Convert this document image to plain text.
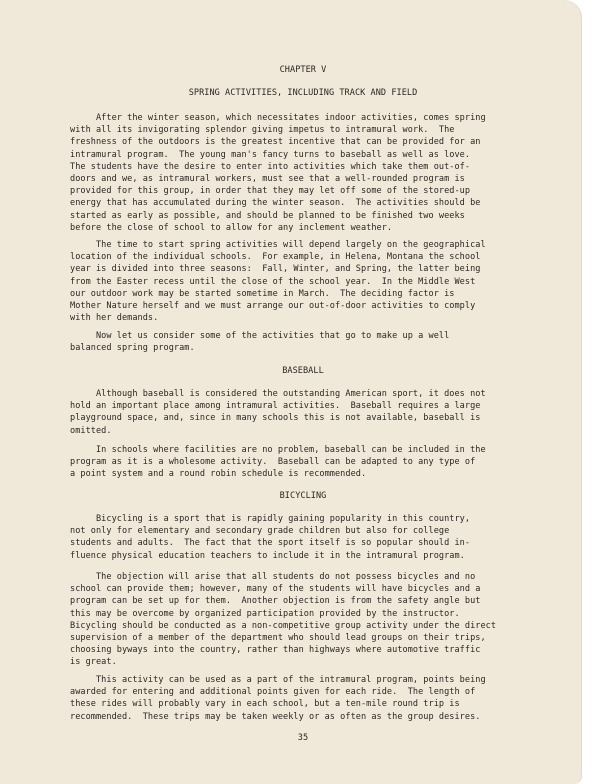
CHAPTER V
SPRING ACTIVITIES, INCLUDING TRACK AND FIELD
After the winter season, which necessitates indoor activities, comes spring
with all its invigorating splendor giving impetus to intramural work.  The
freshness of the outdoors is the greatest incentive that can be provided for an
intramural program.  The young man's fancy turns to baseball as well as love.
The students have the desire to enter into activities which take them out-of-
doors and we, as intramural workers, must see that a well-rounded program is
provided for this group, in order that they may let off some of the stored-up
energy that has accumulated during the winter season.  The activities should be
started as early as possible, and should be planned to be finished two weeks
before the close of school to allow for any inclement weather.
The time to start spring activities will depend largely on the geographical
location of the individual schools.  For example, in Helena, Montana the school
year is divided into three seasons:  Fall, Winter, and Spring, the latter being
from the Easter recess until the close of the school year.  In the Middle West
our outdoor work may be started sometime in March.  The deciding factor is
Mother Nature herself and we must arrange our out-of-door activities to comply
with her demands.
Now let us consider some of the activities that go to make up a well
balanced spring program.
BASEBALL
Although baseball is considered the outstanding American sport, it does not
hold an important place among intramural activities.  Baseball requires a large
playground space, and, since in many schools this is not available, baseball is
omitted.
In schools where facilities are no problem, baseball can be included in the
program as it is a wholesome activity.  Baseball can be adapted to any type of
a point system and a round robin schedule is recommended.
BICYCLING
Bicycling is a sport that is rapidly gaining popularity in this country,
not only for elementary and secondary grade children but also for college
students and adults.  The fact that the sport itself is so popular should in-
fluence physical education teachers to include it in the intramural program.
The objection will arise that all students do not possess bicycles and no
school can provide them; however, many of the students will have bicycles and a
program can be set up for them.  Another objection is from the safety angle but
this may be overcome by organized participation provided by the instructor.
Bicycling should be conducted as a non-competitive group activity under the direct
supervision of a member of the department who should lead groups on their trips,
choosing byways into the country, rather than highways where automotive traffic
is great.
This activity can be used as a part of the intramural program, points being
awarded for entering and additional points given for each ride.  The length of
these rides will probably vary in each school, but a ten-mile round trip is
recommended.  These trips may be taken weekly or as often as the group desires.
35
